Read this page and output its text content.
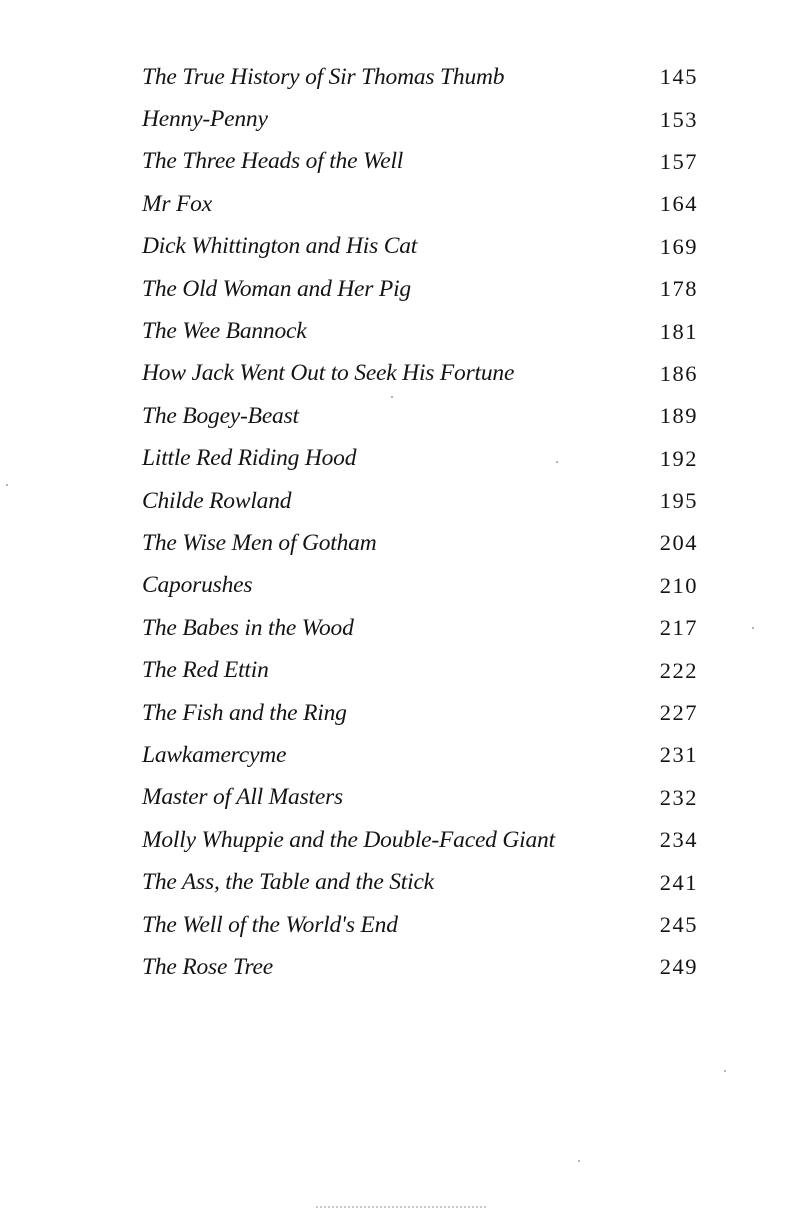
The True History of Sir Thomas Thumb	145
Henny-Penny	153
The Three Heads of the Well	157
Mr Fox	164
Dick Whittington and His Cat	169
The Old Woman and Her Pig	178
The Wee Bannock	181
How Jack Went Out to Seek His Fortune	186
The Bogey-Beast	189
Little Red Riding Hood	192
Childe Rowland	195
The Wise Men of Gotham	204
Caporushes	210
The Babes in the Wood	217
The Red Ettin	222
The Fish and the Ring	227
Lawkamercyme	231
Master of All Masters	232
Molly Whuppie and the Double-Faced Giant	234
The Ass, the Table and the Stick	241
The Well of the World's End	245
The Rose Tree	249
